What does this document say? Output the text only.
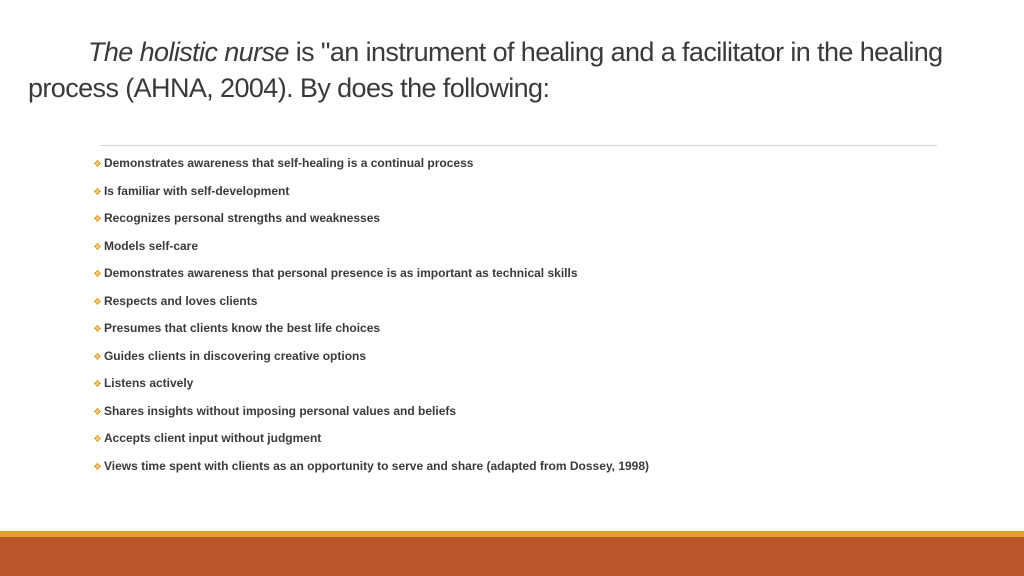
The holistic nurse is "an instrument of healing and a facilitator in the healing process (AHNA, 2004). By does the following:
❖ Demonstrates awareness that self-healing is a continual process
❖ Is familiar with self-development
❖ Recognizes personal strengths and weaknesses
❖ Models self-care
❖ Demonstrates awareness that personal presence is as important as technical skills
❖ Respects and loves clients
❖ Presumes that clients know the best life choices
❖ Guides clients in discovering creative options
❖ Listens actively
❖ Shares insights without imposing personal values and beliefs
❖ Accepts client input without judgment
❖ Views time spent with clients as an opportunity to serve and share (adapted from Dossey, 1998)
